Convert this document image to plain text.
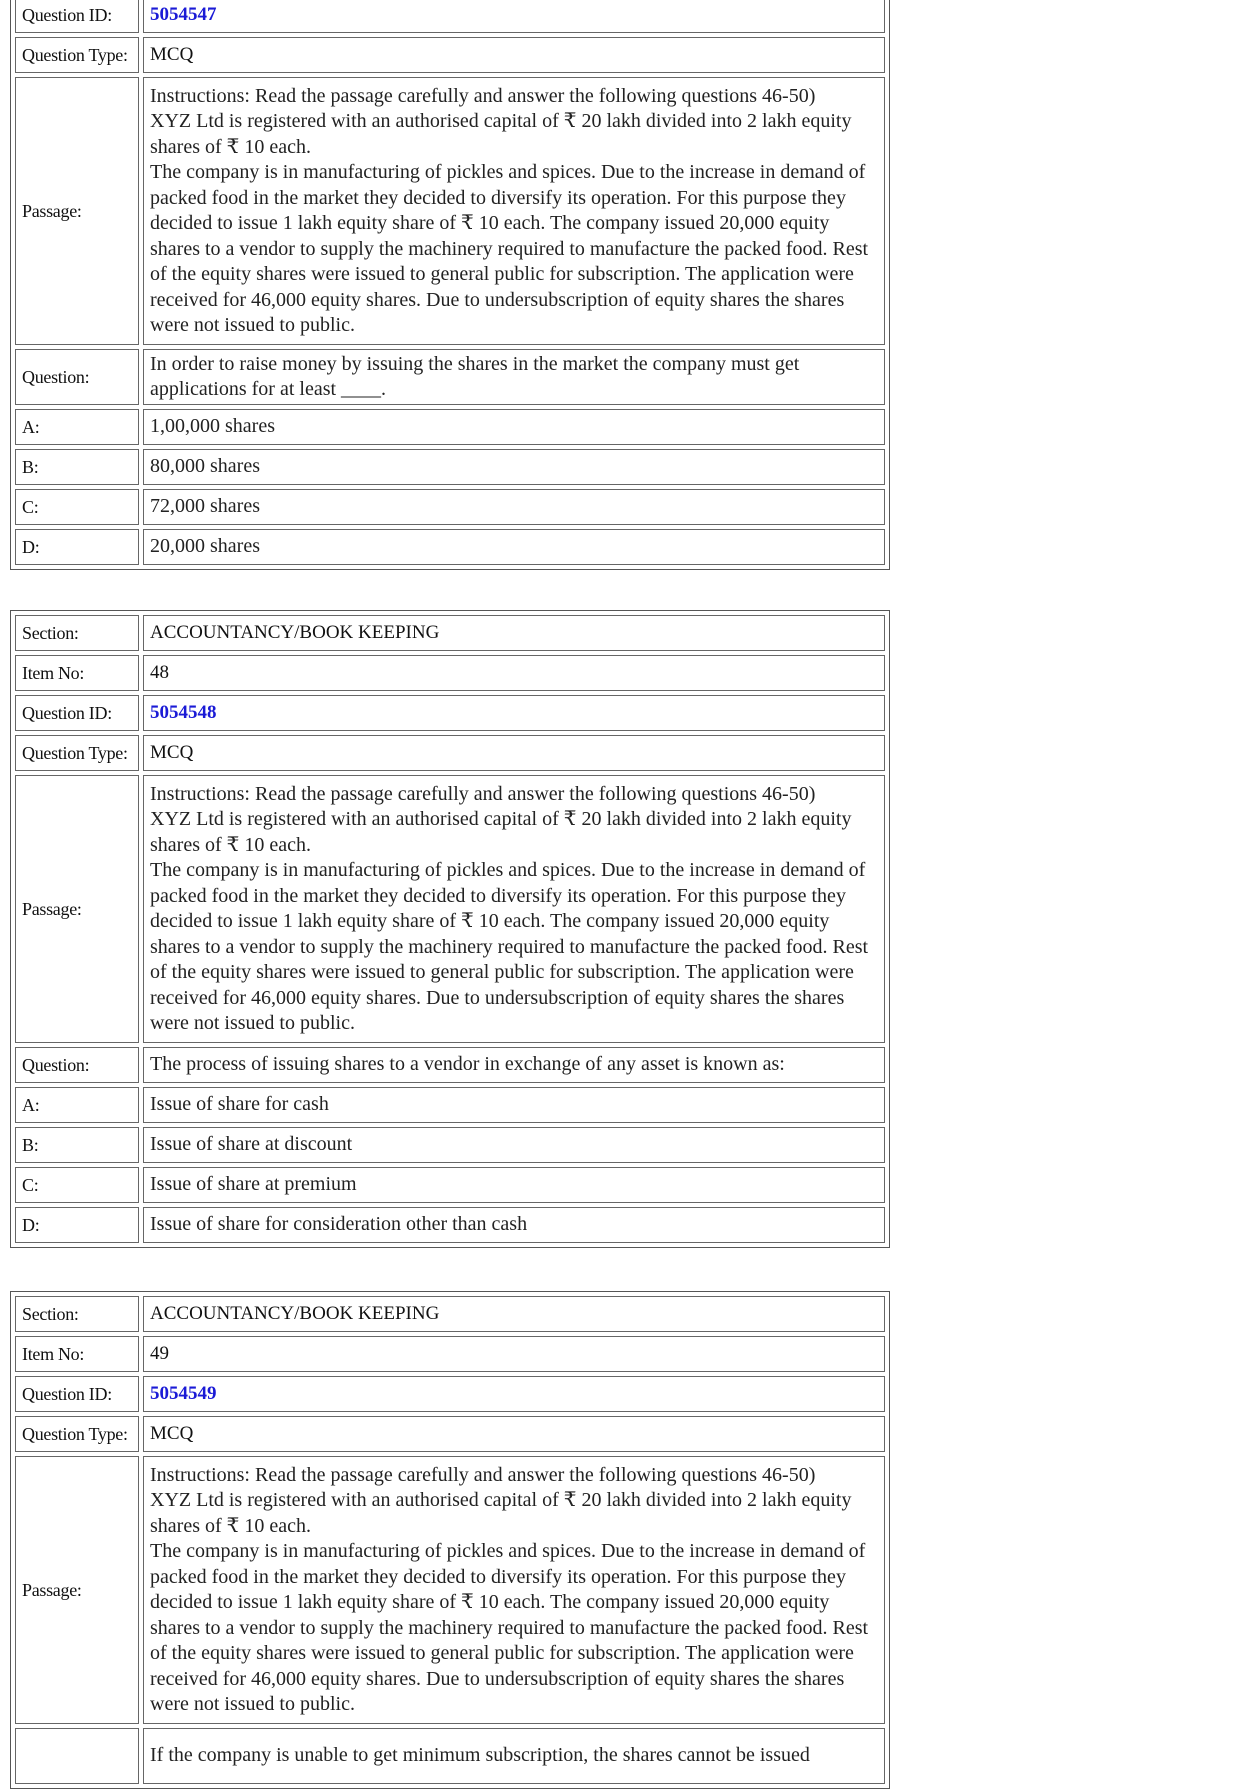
Question ID:	5054547
Question Type:	MCQ
Passage:	Instructions: Read the passage carefully and answer the following questions 46-50)
XYZ Ltd is registered with an authorised capital of ₹ 20 lakh divided into 2 lakh equity shares of ₹ 10 each.
The company is in manufacturing of pickles and spices. Due to the increase in demand of packed food in the market they decided to diversify its operation. For this purpose they decided to issue 1 lakh equity share of ₹ 10 each. The company issued 20,000 equity shares to a vendor to supply the machinery required to manufacture the packed food. Rest of the equity shares were issued to general public for subscription. The application were received for 46,000 equity shares. Due to undersubscription of equity shares the shares were not issued to public.

Question:	In order to raise money by issuing the shares in the market the company must get applications for at least ____.
A:	1,00,000 shares
B:	80,000 shares
C:	72,000 shares
D:	20,000 shares
Section:	ACCOUNTANCY/BOOK KEEPING
Item No:	48
Question ID:	5054548
Question Type:	MCQ
Passage:	Instructions: Read the passage carefully and answer the following questions 46-50)
XYZ Ltd is registered with an authorised capital of ₹ 20 lakh divided into 2 lakh equity shares of ₹ 10 each.
The company is in manufacturing of pickles and spices. Due to the increase in demand of packed food in the market they decided to diversify its operation. For this purpose they decided to issue 1 lakh equity share of ₹ 10 each. The company issued 20,000 equity shares to a vendor to supply the machinery required to manufacture the packed food. Rest of the equity shares were issued to general public for subscription. The application were received for 46,000 equity shares. Due to undersubscription of equity shares the shares were not issued to public.

Question:	The process of issuing shares to a vendor in exchange of any asset is known as:
A:	Issue of share for cash
B:	Issue of share at discount
C:	Issue of share at premium
D:	Issue of share for consideration other than cash
Section:	ACCOUNTANCY/BOOK KEEPING
Item No:	49
Question ID:	5054549
Question Type:	MCQ
Passage:	Instructions: Read the passage carefully and answer the following questions 46-50)
XYZ Ltd is registered with an authorised capital of ₹ 20 lakh divided into 2 lakh equity shares of ₹ 10 each.
The company is in manufacturing of pickles and spices. Due to the increase in demand of packed food in the market they decided to diversify its operation. For this purpose they decided to issue 1 lakh equity share of ₹ 10 each. The company issued 20,000 equity shares to a vendor to supply the machinery required to manufacture the packed food. Rest of the equity shares were issued to general public for subscription. The application were received for 46,000 equity shares. Due to undersubscription of equity shares the shares were not issued to public.

	If the company is unable to get minimum subscription, the shares cannot be issued
